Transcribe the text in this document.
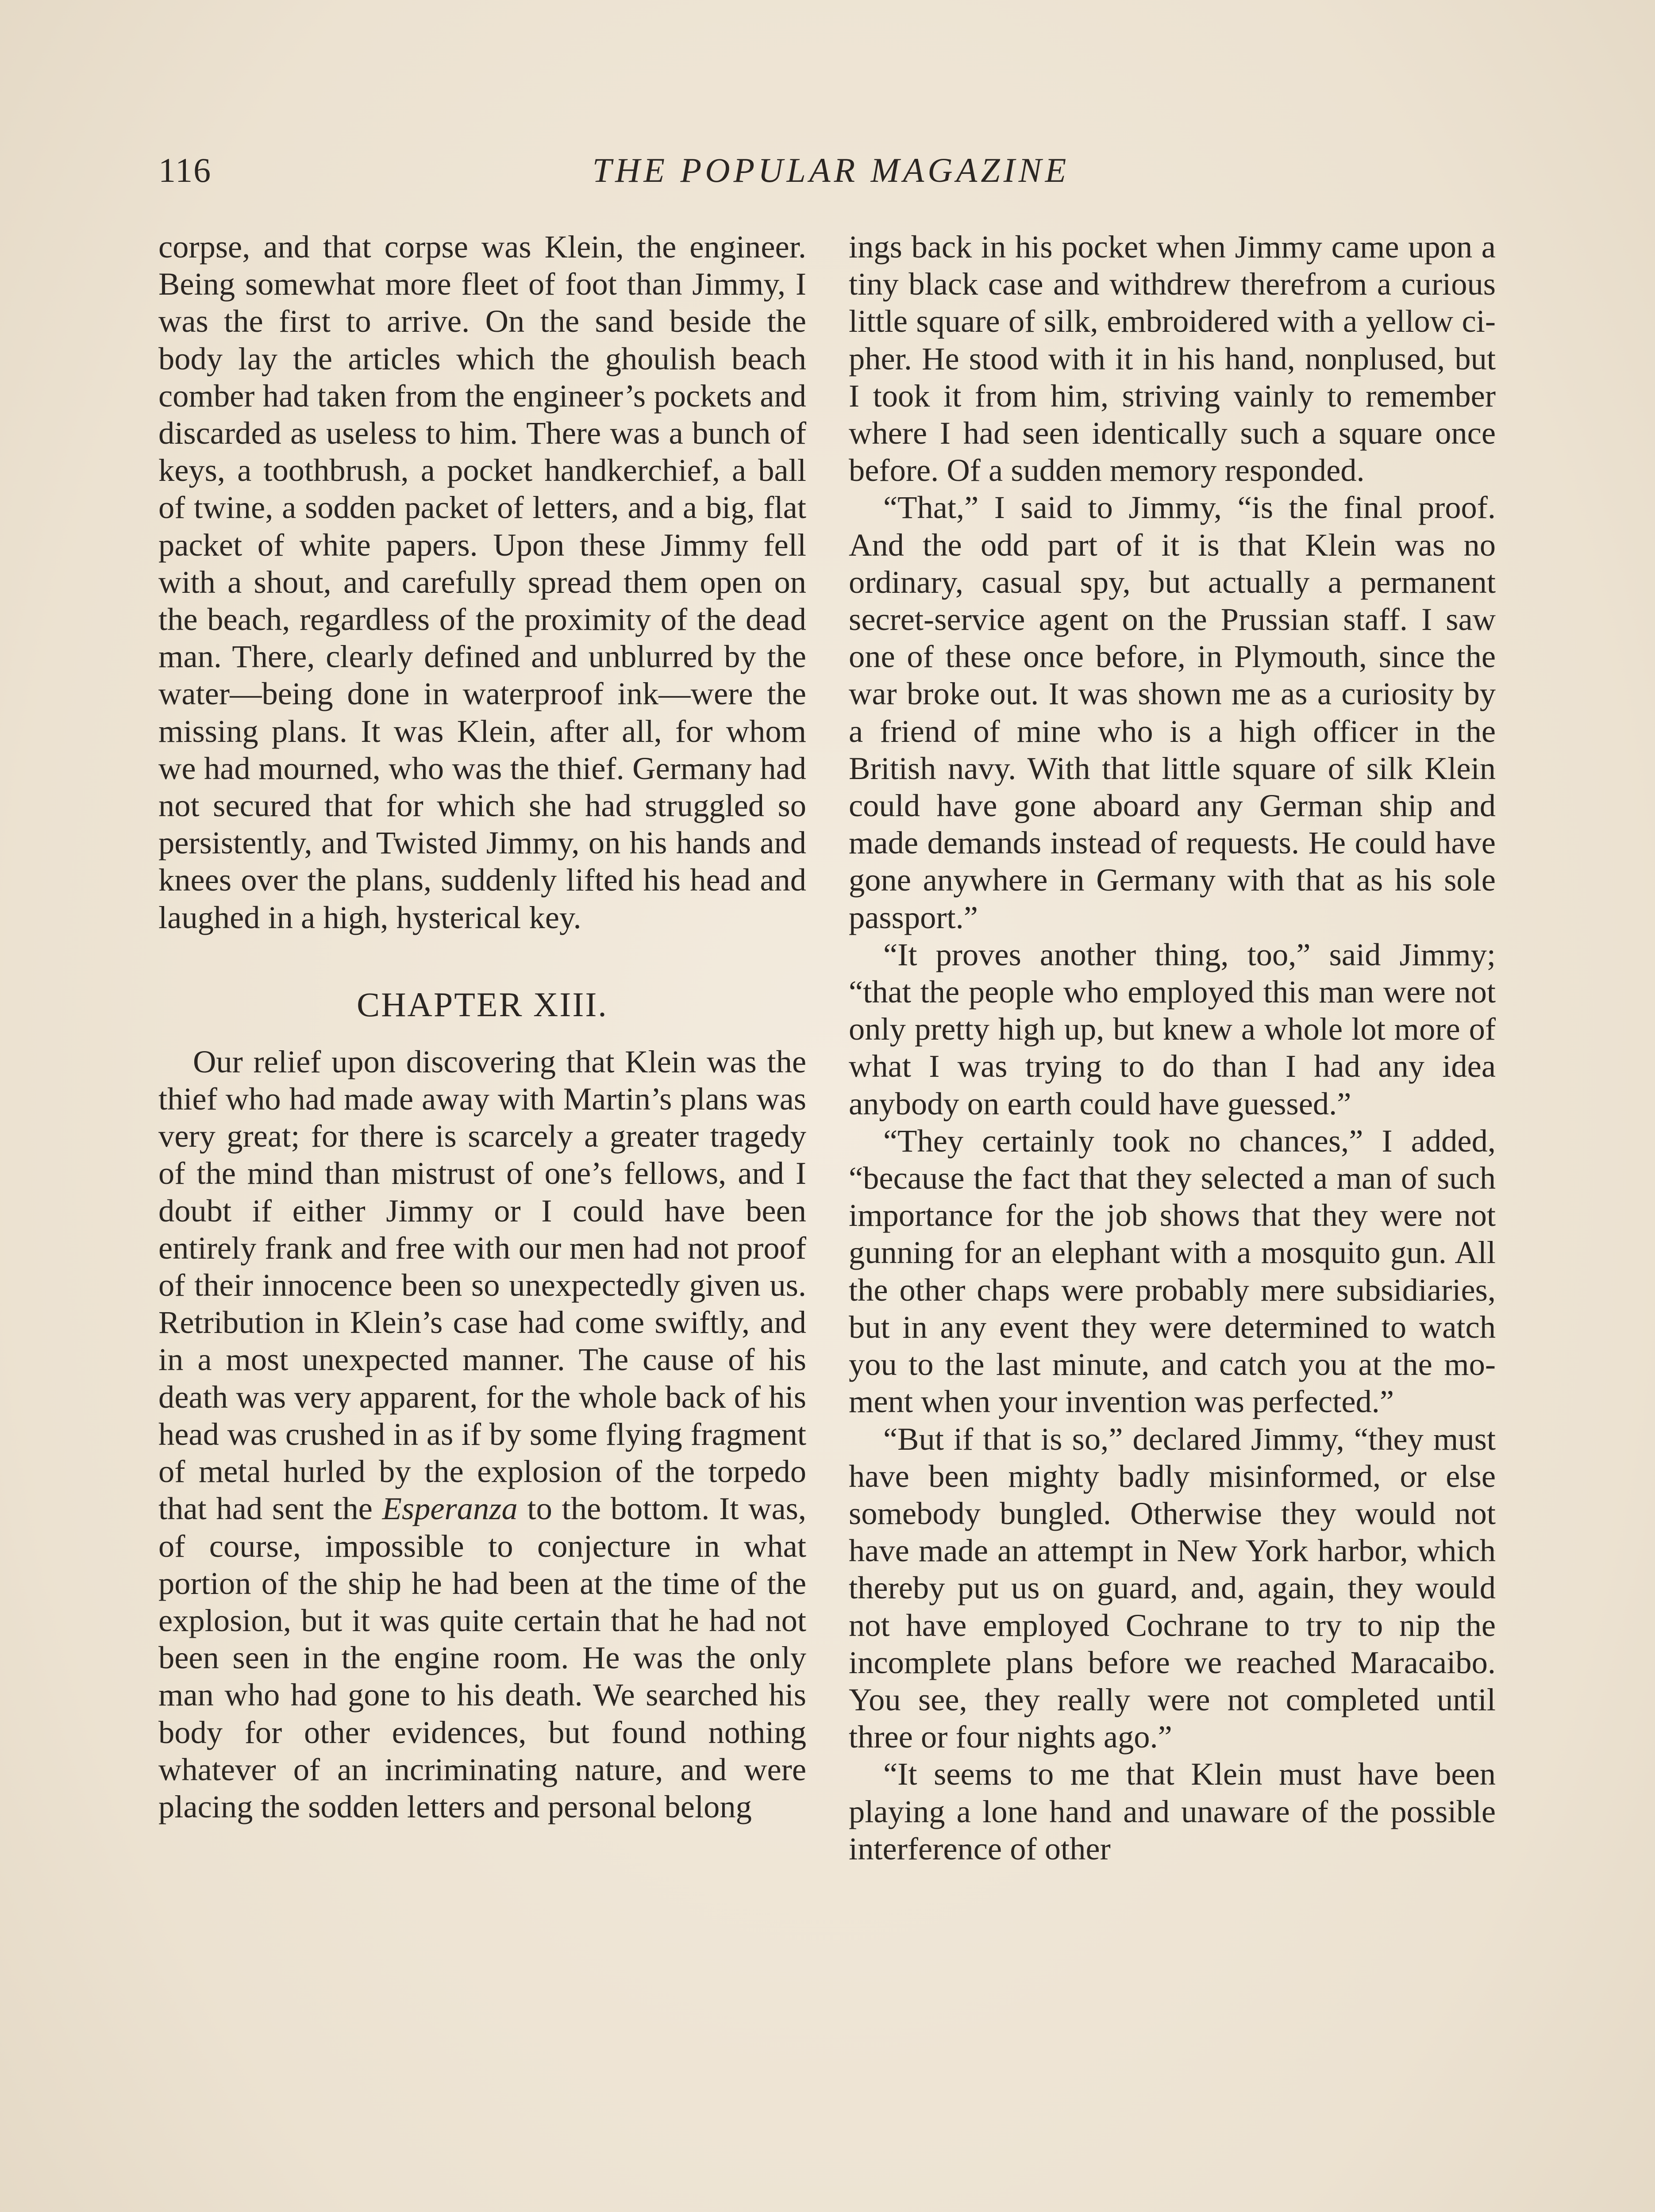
116	THE POPULAR MAGAZINE

corpse, and that corpse was Klein, the engineer. Being somewhat more fleet of foot than Jimmy, I was the first to arrive. On the sand beside the body lay the articles which the ghoulish beach comber had taken from the engineer’s pockets and discarded as useless to him. There was a bunch of keys, a toothbrush, a pocket handkerchief, a ball of twine, a sodden packet of letters, and a big, flat packet of white papers. Upon these Jimmy fell with a shout, and carefully spread them open on the beach, regardless of the proximity of the dead man. There, clearly defined and unblurred by the water—being done in waterproof ink—were the missing plans. It was Klein, after all, for whom we had mourned, who was the thief. Germany had not secured that for which she had struggled so persistently, and Twisted Jimmy, on his hands and knees over the plans, suddenly lifted his head and laughed in a high, hysterical key.

CHAPTER XIII.

Our relief upon discovering that Klein was the thief who had made away with Martin’s plans was very great; for there is scarcely a greater tragedy of the mind than mistrust of one’s fellows, and I doubt if either Jimmy or I could have been entirely frank and free with our men had not proof of their innocence been so unexpectedly given us. Retribution in Klein’s case had come swiftly, and in a most unexpected manner. The cause of his death was very apparent, for the whole back of his head was crushed in as if by some flying fragment of metal hurled by the explosion of the torpedo that had sent the Esperanza to the bottom. It was, of course, impossible to conjecture in what portion of the ship he had been at the time of the explosion, but it was quite certain that he had not been seen in the engine room. He was the only man who had gone to his death. We searched his body for other evidences, but found nothing whatever of an incriminating nature, and were placing the sodden letters and personal belong

ings back in his pocket when Jimmy came upon a tiny black case and withdrew therefrom a curious little square of silk, embroidered with a yellow cipher. He stood with it in his hand, nonplused, but I took it from him, striving vainly to remember where I had seen identically such a square once before. Of a sudden memory responded.

“That,” I said to Jimmy, “is the final proof. And the odd part of it is that Klein was no ordinary, casual spy, but actually a permanent secret-service agent on the Prussian staff. I saw one of these once before, in Plymouth, since the war broke out. It was shown me as a curiosity by a friend of mine who is a high officer in the British navy. With that little square of silk Klein could have gone aboard any German ship and made demands instead of requests. He could have gone anywhere in Germany with that as his sole passport.”

“It proves another thing, too,” said Jimmy; “that the people who employed this man were not only pretty high up, but knew a whole lot more of what I was trying to do than I had any idea anybody on earth could have guessed.”

“They certainly took no chances,” I added, “because the fact that they selected a man of such importance for the job shows that they were not gunning for an elephant with a mosquito gun. All the other chaps were probably mere subsidiaries, but in any event they were determined to watch you to the last minute, and catch you at the moment when your invention was perfected.”

“But if that is so,” declared Jimmy, “they must have been mighty badly misinformed, or else somebody bungled. Otherwise they would not have made an attempt in New York harbor, which thereby put us on guard, and, again, they would not have employed Cochrane to try to nip the incomplete plans before we reached Maracaibo. You see, they really were not completed until three or four nights ago.”

“It seems to me that Klein must have been playing a lone hand and unaware of the possible interference of other
